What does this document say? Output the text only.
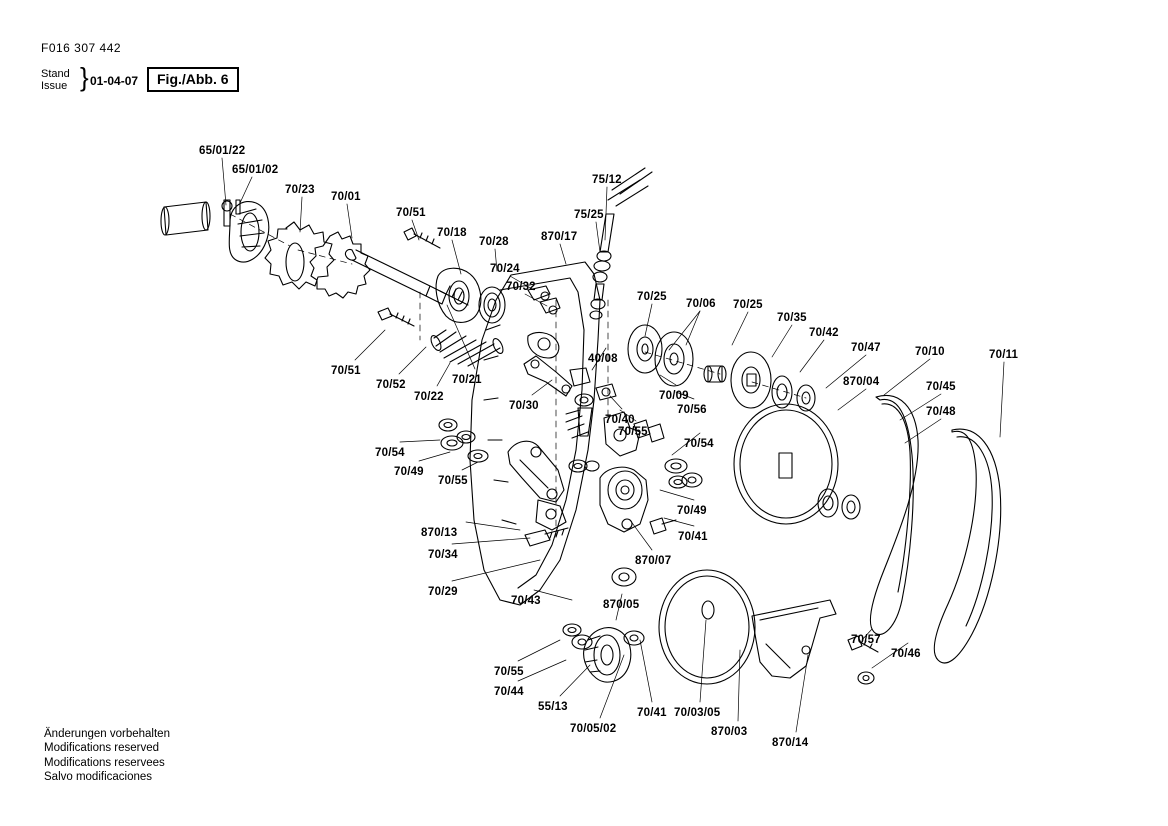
F016 307 442
Stand
Issue } 01-04-07	Fig./Abb. 6
65/01/22
65/01/02
70/23
70/01
70/51
70/18
70/28	870/17
75/12
75/25
70/24
70/32
70/25
70/06 70/25
70/35
70/42
70/47	70/10	70/11
870/04	70/45
70/48
70/51
70/52
70/22
70/21
40/08
70/09
70/56
70/30
70/40
70/55
70/54
70/54
70/49
70/55
70/49
70/41
870/13
70/34
70/29
870/07
70/43	870/05
70/55
70/44
55/13
70/05/02
70/41 70/03/05
870/03
870/14
70/57
70/46
Änderungen vorbehalten
Modifications reserved
Modifications reservees
Salvo modificaciones
